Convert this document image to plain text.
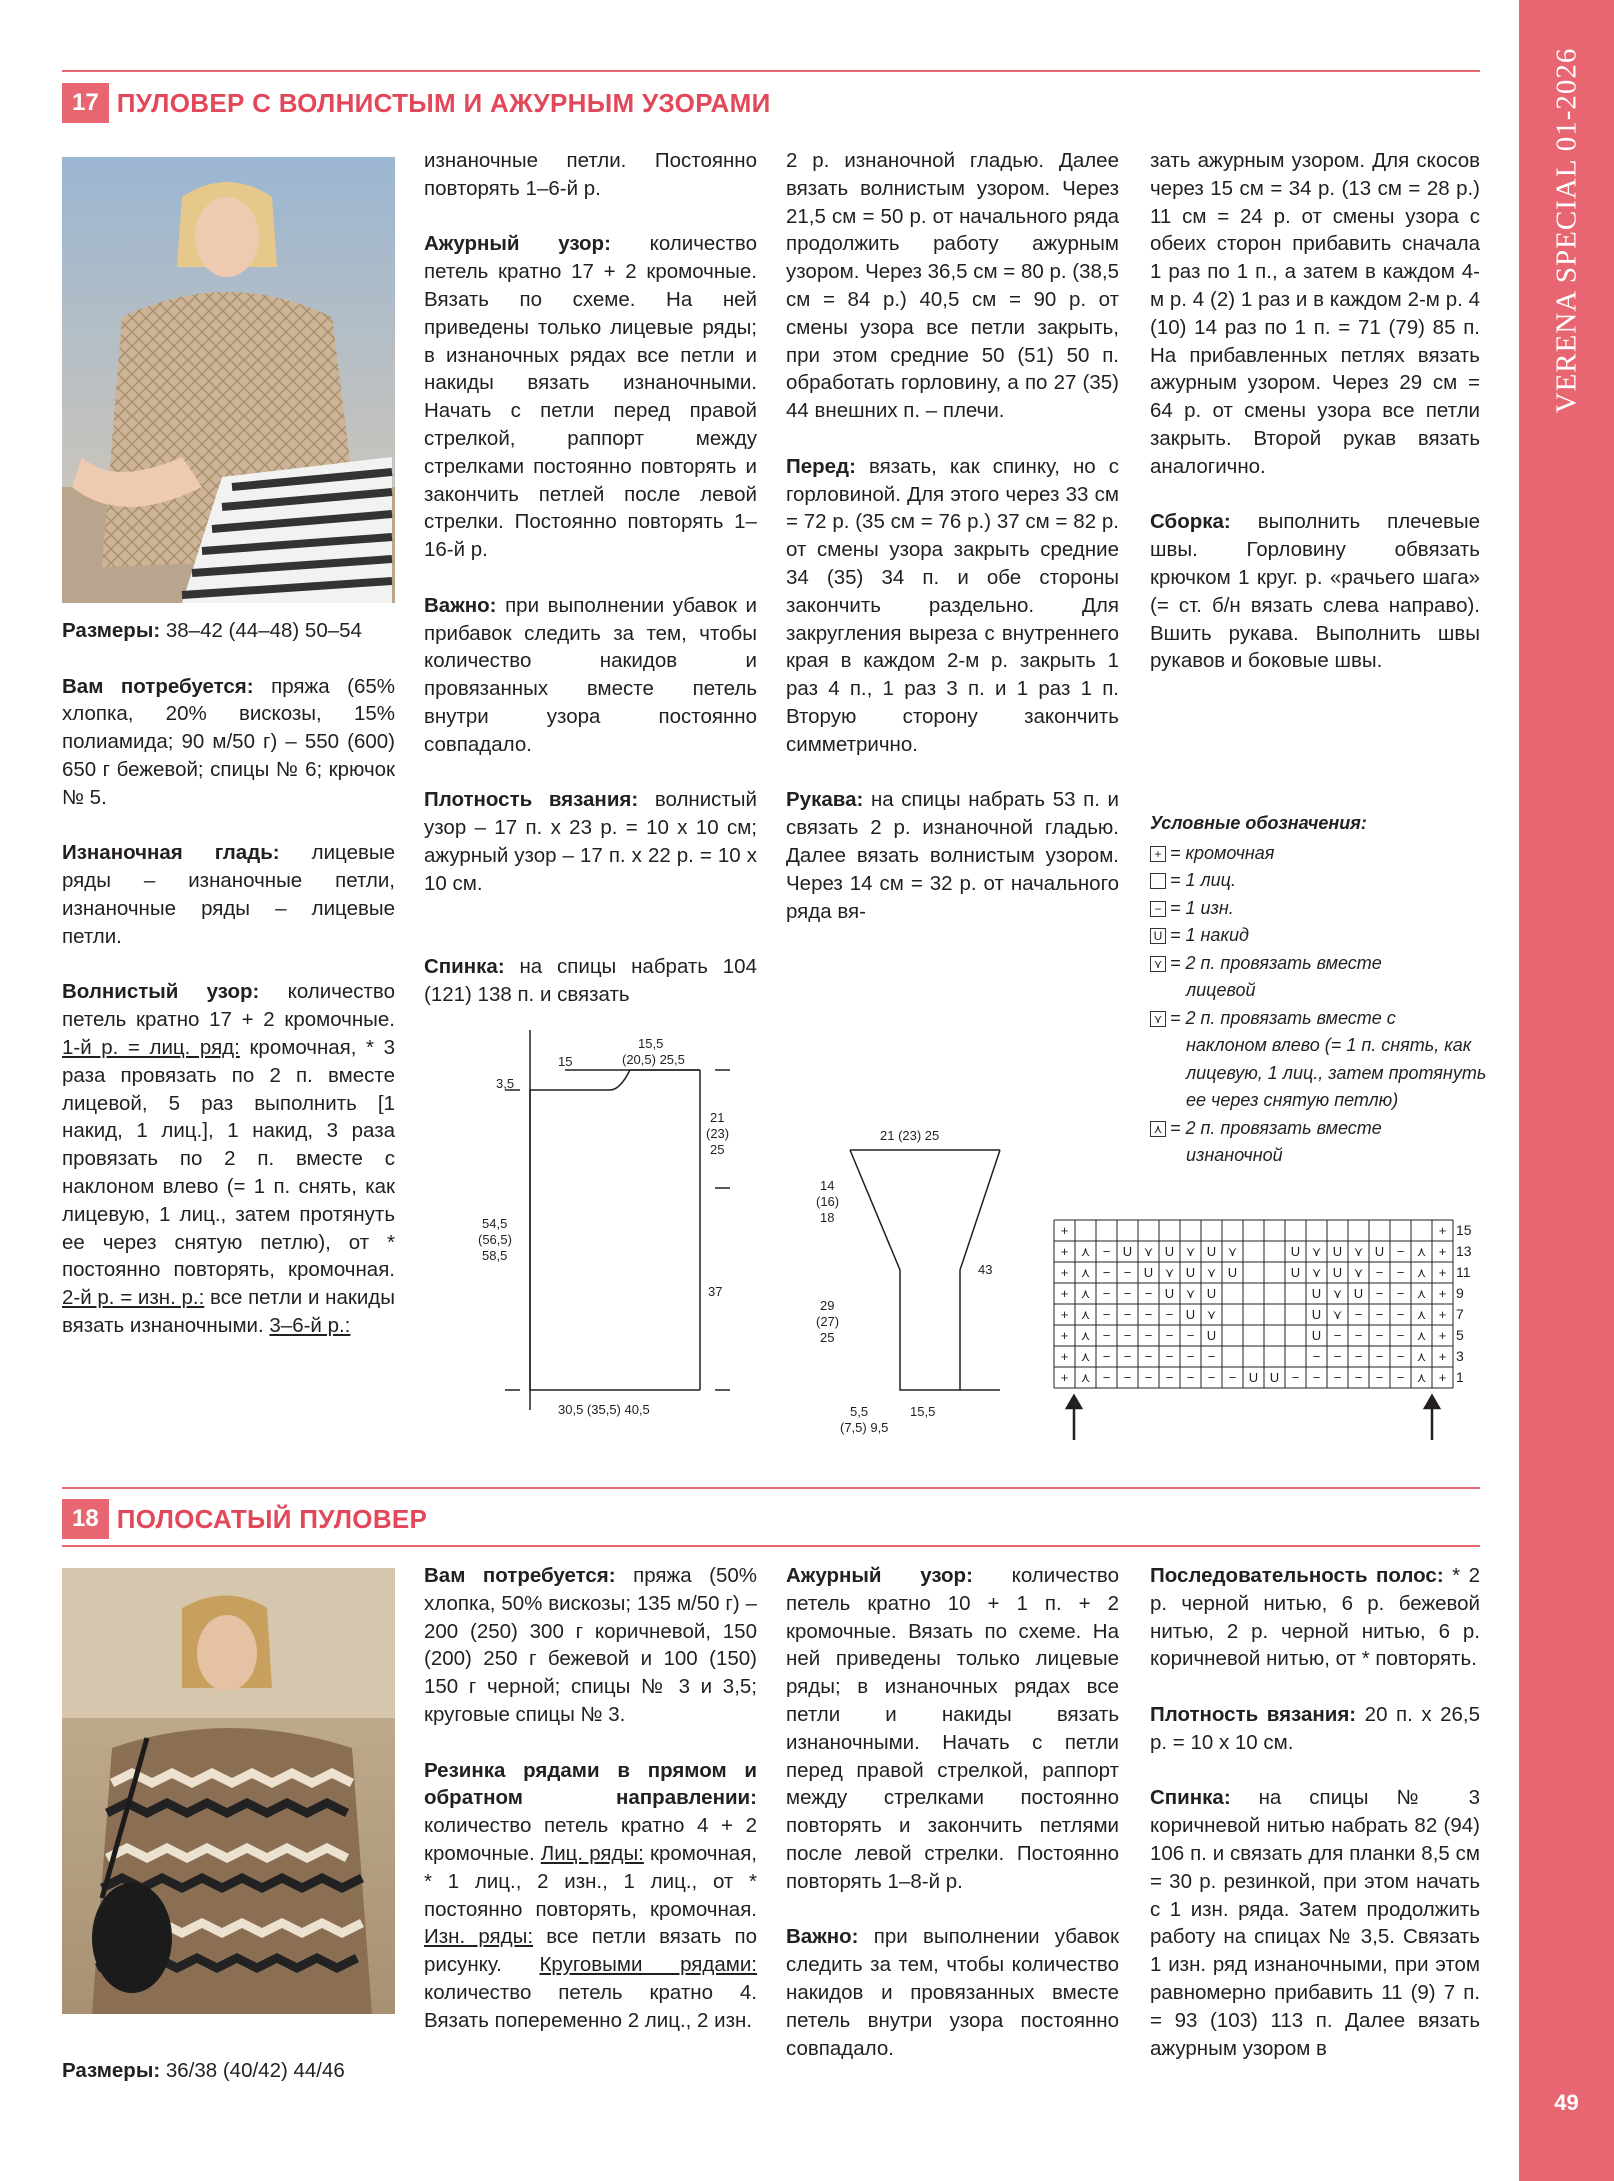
VERENA SPECIAL 01-2026
49
17 ПУЛОВЕР С ВОЛНИСТЫМ И АЖУРНЫМ УЗОРАМИ

Размеры: 38–42 (44–48) 50–54

Вам потребуется: пряжа (65% хлопка, 20% вискозы, 15% полиамида; 90 м/50 г) – 550 (600) 650 г бежевой; спицы № 6; крючок № 5.

Изнаночная гладь: лицевые ряды – изнаночные петли, изнаночные ряды – лицевые петли.

Волнистый узор: количество петель кратно 17 + 2 кромочные. 1-й р. = лиц. ряд: кромочная, * 3 раза провязать по 2 п. вместе лицевой, 5 раз выполнить [1 накид, 1 лиц.], 1 накид, 3 раза провязать по 2 п. вместе с наклоном влево (= 1 п. снять, как лицевую, 1 лиц., затем протянуть ее через снятую петлю), от * постоянно повторять, кромочная. 2-й р. = изн. р.: все петли и накиды вязать изнаночными. 3–6-й р.:

изнаночные петли. Постоянно повторять 1–6-й р.

Ажурный узор: количество петель кратно 17 + 2 кромочные. Вязать по схеме. На ней приведены только лицевые ряды; в изнаночных рядах все петли и накиды вязать изнаночными. Начать с петли перед правой стрелкой, раппорт между стрелками постоянно повторять и закончить петлей после левой стрелки. Постоянно повторять 1–16-й р.

Важно: при выполнении убавок и прибавок следить за тем, чтобы количество накидов и провязанных вместе петель внутри узора постоянно совпадало.

Плотность вязания: волнистый узор – 17 п. х 23 р. = 10 х 10 см; ажурный узор – 17 п. х 22 р. = 10 х 10 см.

Спинка: на спицы набрать 104 (121) 138 п. и связать

2 р. изнаночной гладью. Далее вязать волнистым узором. Через 21,5 см = 50 р. от начального ряда продолжить работу ажурным узором. Через 36,5 см = 80 р. (38,5 см = 84 р.) 40,5 см = 90 р. от смены узора все петли закрыть, при этом средние 50 (51) 50 п. обработать горловину, а по 27 (35) 44 внешних п. – плечи.

Перед: вязать, как спинку, но с горловиной. Для этого через 33 см = 72 р. (35 см = 76 р.) 37 см = 82 р. от смены узора закрыть средние 34 (35) 34 п. и обе стороны закончить раздельно. Для закругления выреза с внутреннего края в каждом 2-м р. закрыть 1 раз 4 п., 1 раз 3 п. и 1 раз 1 п. Вторую сторону закончить симметрично.

Рукава: на спицы набрать 53 п. и связать 2 р. изнаночной гладью. Далее вязать волнистым узором. Через 14 см = 32 р. от начального ряда вя-

зать ажурным узором. Для скосов через 15 см = 34 р. (13 см = 28 р.) 11 см = 24 р. от смены узора с обеих сторон прибавить сначала 1 раз по 1 п., а затем в каждом 4-м р. 4 (2) 1 раз и в каждом 2-м р. 4 (10) 14 раз по 1 п. = 71 (79) 85 п. На прибавленных петлях вязать ажурным узором. Через 29 см = 64 р. от смены узора все петли закрыть. Второй рукав вязать аналогично.

Сборка: выполнить плечевые швы. Горловину обвязать крючком 1 круг. р. «рачьего шага» (= ст. б/н вязать слева направо). Вшить рукава. Выполнить швы рукавов и боковые швы.

Условные обозначения:
+ = кромочная
= 1 лиц.
− = 1 изн.
U = 1 накид
⋎ = 2 п. провязать вместе
лицевой
⋎ = 2 п. провязать вместе с
наклоном влево (= 1 п. снять, как лицевую, 1 лиц., затем протянуть ее через снятую петлю)
⋏ = 2 п. провязать вместе
изнаночной
15
15,5
(20,5) 25,5
3,5
21
(23)
25
37
54,5
(56,5)
58,5
30,5 (35,5) 40,5
21 (23) 25
14
(16)
18
29
(27)
25
43
5,5	15,5
(7,5) 9,5
+	+
+ ⋏ − U ⋎ U ⋎ U ⋎	U ⋎ U ⋎ U − ⋏ +
+ ⋏ − − U ⋎ U ⋎ U	U ⋎ U ⋎ − − ⋏ +
+ ⋏ − − − U ⋎ U	U ⋎ U − − ⋏ +
+ ⋏ − − − − U ⋎	U ⋎ − − − ⋏ +
+ ⋏ − − − − − U	U − − − − ⋏ +
+ ⋏ − − − − − −	− − − − − ⋏ +
+ ⋏ − − − − − − − U U − − − − − − ⋏ +
15
13
11
9
7
5
3
1
18 ПОЛОСАТЫЙ ПУЛОВЕР

Размеры: 36/38 (40/42) 44/46

Вам потребуется: пряжа (50% хлопка, 50% вискозы; 135 м/50 г) – 200 (250) 300 г коричневой, 150 (200) 250 г бежевой и 100 (150) 150 г черной; спицы № 3 и 3,5; круговые спицы № 3.

Резинка рядами в прямом и обратном направлении: количество петель кратно 4 + 2 кромочные. Лиц. ряды: кромочная, * 1 лиц., 2 изн., 1 лиц., от * постоянно повторять, кромочная. Изн. ряды: все петли вязать по рисунку. Круговыми рядами: количество петель кратно 4. Вязать попеременно 2 лиц., 2 изн.

Ажурный узор: количество петель кратно 10 + 1 п. + 2 кромочные. Вязать по схеме. На ней приведены только лицевые ряды; в изнаночных рядах все петли и накиды вязать изнаночными. Начать с петли перед правой стрелкой, раппорт между стрелками постоянно повторять и закончить петлями после левой стрелки. Постоянно повторять 1–8-й р.

Важно: при выполнении убавок следить за тем, чтобы количество накидов и провязанных вместе петель внутри узора постоянно совпадало.

Последовательность полос: * 2 р. черной нитью, 6 р. бежевой нитью, 2 р. черной нитью, 6 р. коричневой нитью, от * повторять.

Плотность вязания: 20 п. х 26,5 р. = 10 х 10 см.

Спинка: на спицы № 3 коричневой нитью набрать 82 (94) 106 п. и связать для планки 8,5 см = 30 р. резинкой, при этом начать с 1 изн. ряда. Затем продолжить работу на спицах № 3,5. Связать 1 изн. ряд изнаночными, при этом равномерно прибавить 11 (9) 7 п. = 93 (103) 113 п. Далее вязать ажурным узором в
